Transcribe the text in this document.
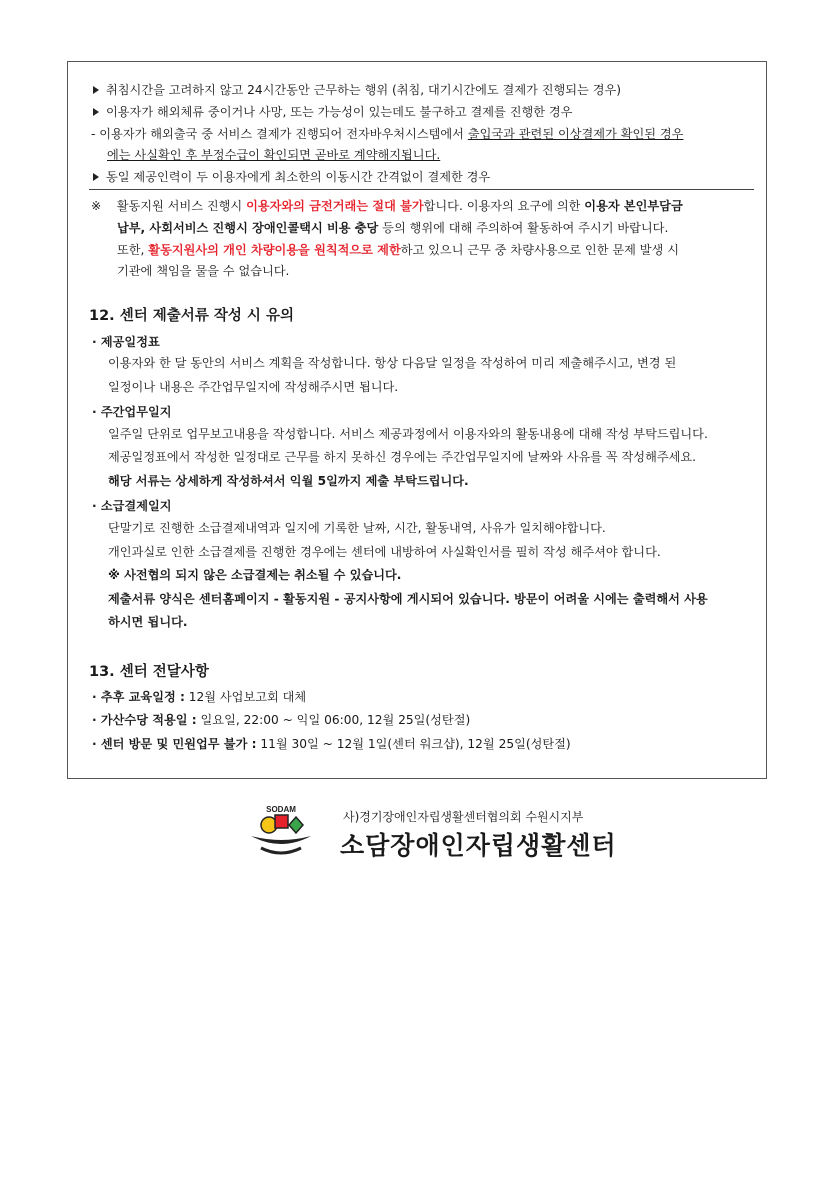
취침시간을 고려하지 않고 24시간동안 근무하는 행위 (취침, 대기시간에도 결제가 진행되는 경우)
이용자가 해외체류 중이거나 사망, 또는 가능성이 있는데도 불구하고 결제를 진행한 경우
- 이용자가 해외출국 중 서비스 결제가 진행되어 전자바우처시스템에서 출입국과 관련된 이상결제가 확인된 경우
에는 사실확인 후 부정수급이 확인되면 곧바로 계약해지됩니다.
동일 제공인력이 두 이용자에게 최소한의 이동시간 간격없이 결제한 경우
※ 활동지원 서비스 진행시 이용자와의 금전거래는 절대 불가합니다. 이용자의 요구에 의한 이용자 본인부담금
납부, 사회서비스 진행시 장애인콜택시 비용 충당 등의 행위에 대해 주의하여 활동하여 주시기 바랍니다.
또한, 활동지원사의 개인 차량이용을 원칙적으로 제한하고 있으니 근무 중 차량사용으로 인한 문제 발생 시
기관에 책임을 물을 수 없습니다.
12. 센터 제출서류 작성 시 유의
· 제공일정표
이용자와 한 달 동안의 서비스 계획을 작성합니다. 항상 다음달 일정을 작성하여 미리 제출해주시고, 변경 된
일정이나 내용은 주간업무일지에 작성해주시면 됩니다.
· 주간업무일지
일주일 단위로 업무보고내용을 작성합니다. 서비스 제공과정에서 이용자와의 활동내용에 대해 작성 부탁드립니다.
제공일정표에서 작성한 일정대로 근무를 하지 못하신 경우에는 주간업무일지에 날짜와 사유를 꼭 작성해주세요.
해당 서류는 상세하게 작성하셔서 익월 5일까지 제출 부탁드립니다.
· 소급결제일지
단말기로 진행한 소급결제내역과 일지에 기록한 날짜, 시간, 활동내역, 사유가 일치해야합니다.
개인과실로 인한 소급결제를 진행한 경우에는 센터에 내방하여 사실확인서를 필히 작성 해주셔야 합니다.
※ 사전협의 되지 않은 소급결제는 취소될 수 있습니다.
제출서류 양식은 센터홈페이지 - 활동지원 - 공지사항에 게시되어 있습니다. 방문이 어려울 시에는 출력해서 사용
하시면 됩니다.
13. 센터 전달사항
· 추후 교육일정 : 12월 사업보고회 대체
· 가산수당 적용일 : 일요일, 22:00 ~ 익일 06:00, 12월 25일(성탄절)
· 센터 방문 및 민원업무 불가 : 11월 30일 ~ 12월 1일(센터 워크샵), 12월 25일(성탄절)
SODAM
사)경기장애인자립생활센터협의회 수원시지부
소담장애인자립생활센터
